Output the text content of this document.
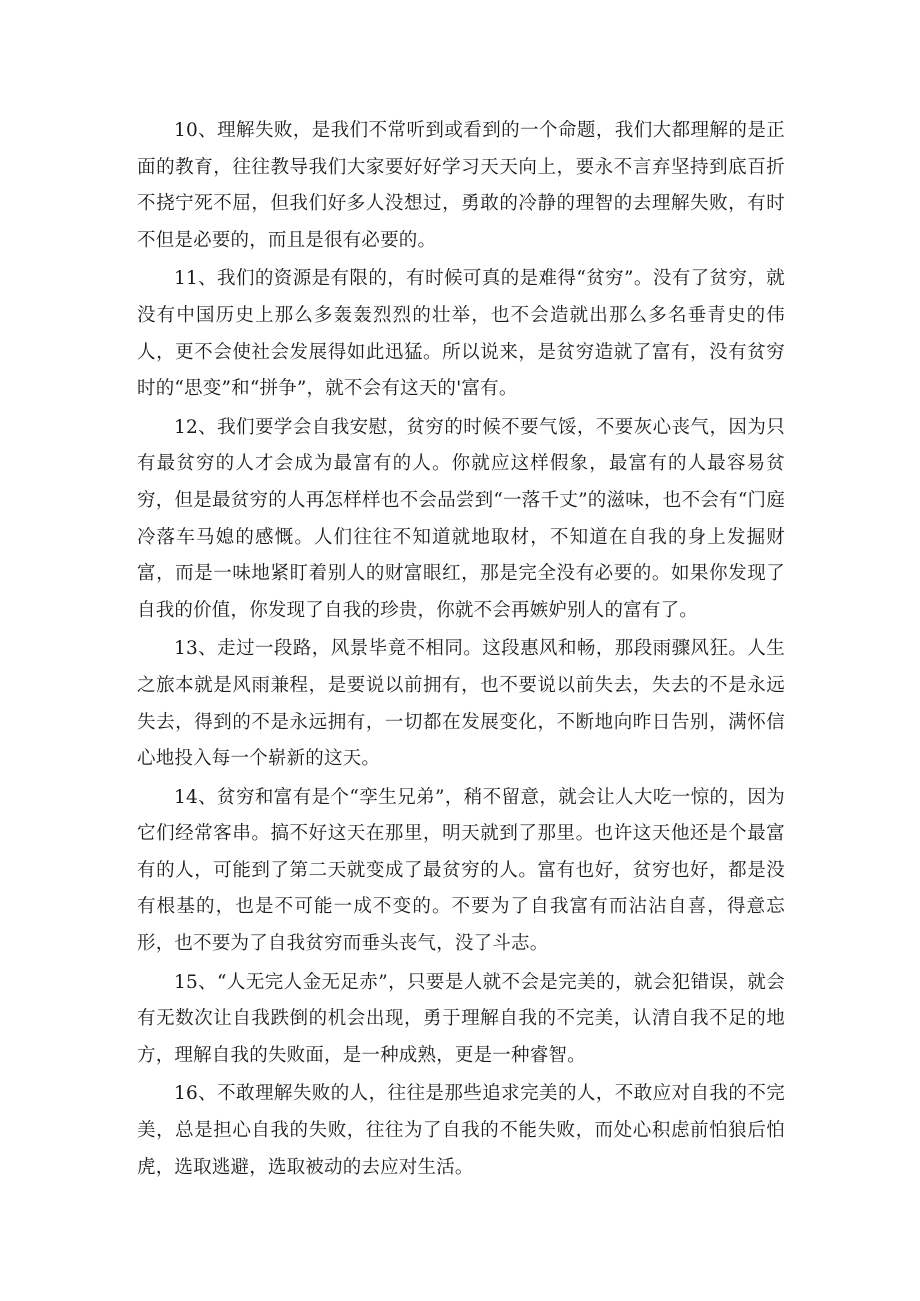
10、理解失败，是我们不常听到或看到的一个命题，我们大都理解的是正面的教育，往往教导我们大家要好好学习天天向上，要永不言弃坚持到底百折不挠宁死不屈，但我们好多人没想过，勇敢的冷静的理智的去理解失败，有时不但是必要的，而且是很有必要的。

11、我们的资源是有限的，有时候可真的是难得“贫穷”。没有了贫穷，就没有中国历史上那么多轰轰烈烈的壮举，也不会造就出那么多名垂青史的伟人，更不会使社会发展得如此迅猛。所以说来，是贫穷造就了富有，没有贫穷时的“思变”和“拼争”，就不会有这天的'富有。

12、我们要学会自我安慰，贫穷的时候不要气馁，不要灰心丧气，因为只有最贫穷的人才会成为最富有的人。你就应这样假象，最富有的人最容易贫穷，但是最贫穷的人再怎样样也不会品尝到“一落千丈”的滋味，也不会有“门庭冷落车马媳的感慨。人们往往不知道就地取材，不知道在自我的身上发掘财富，而是一味地紧盯着别人的财富眼红，那是完全没有必要的。如果你发现了自我的价值，你发现了自我的珍贵，你就不会再嫉妒别人的富有了。

13、走过一段路，风景毕竟不相同。这段惠风和畅，那段雨骤风狂。人生之旅本就是风雨兼程，是要说以前拥有，也不要说以前失去，失去的不是永远失去，得到的不是永远拥有，一切都在发展变化，不断地向昨日告别，满怀信心地投入每一个崭新的这天。

14、贫穷和富有是个“孪生兄弟”，稍不留意，就会让人大吃一惊的，因为它们经常客串。搞不好这天在那里，明天就到了那里。也许这天他还是个最富有的人，可能到了第二天就变成了最贫穷的人。富有也好，贫穷也好，都是没有根基的，也是不可能一成不变的。不要为了自我富有而沾沾自喜，得意忘形，也不要为了自我贫穷而垂头丧气，没了斗志。

15、“人无完人金无足赤”，只要是人就不会是完美的，就会犯错误，就会有无数次让自我跌倒的机会出现，勇于理解自我的不完美，认清自我不足的地方，理解自我的失败面，是一种成熟，更是一种睿智。

16、不敢理解失败的人，往往是那些追求完美的人，不敢应对自我的不完美，总是担心自我的失败，往往为了自我的不能失败，而处心积虑前怕狼后怕虎，选取逃避，选取被动的去应对生活。
